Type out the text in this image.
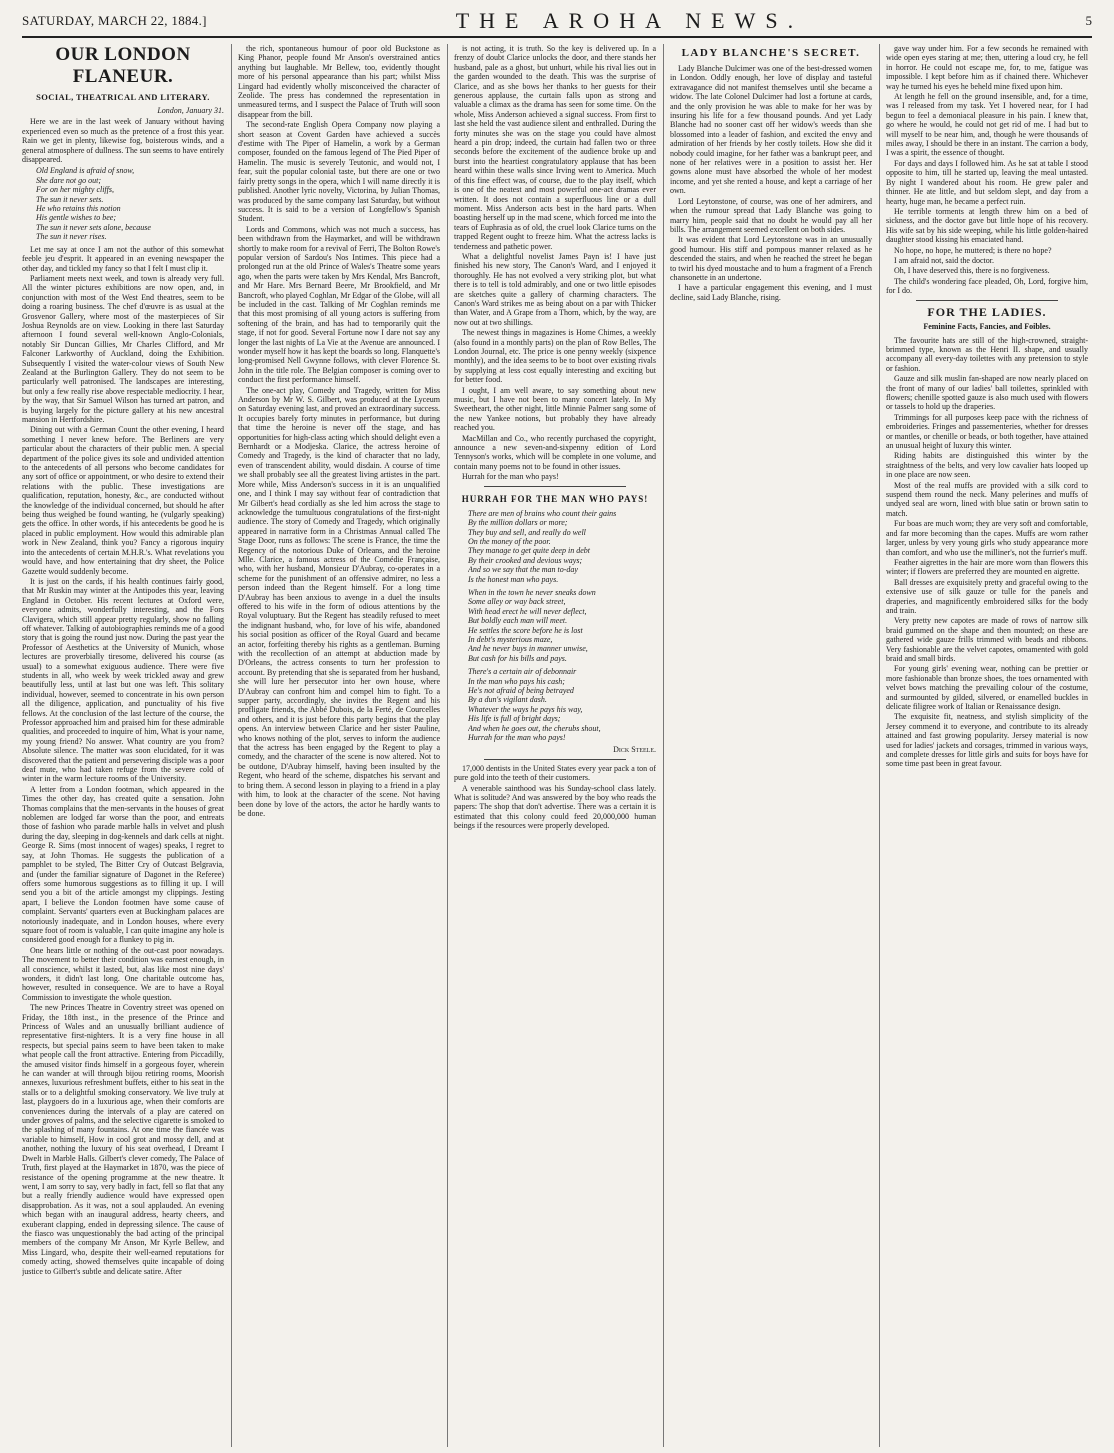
SATURDAY, MARCH 22, 1884.]	THE AROHA NEWS.	5
OUR LONDON FLANEUR.
SOCIAL, THEATRICAL AND LITERARY.
London, January 31.

Here we are in the last week of January without having experienced even so much as the pretence of a frost this year. Rain we get in plenty, likewise fog, boisterous winds, and a general atmosphere of dullness. The sun seems to have entirely disappeared.

Old England is afraid of snow,
She dare not go out;
For on her mighty cliffs,
The sun it never sets.
He who retains this notion
His gentle wishes to bee;
The sun it never sets alone, because
The sun it never rises.

Let me say at once I am not the author of this somewhat feeble jeu d'esprit. It appeared in an evening newspaper the other day, and tickled my fancy so that I felt I must clip it.

Parliament meets next week, and town is already very full. All the winter pictures exhibitions are now open, and, in conjunction with most of the West End theatres, seem to be doing a roaring business. The chef d'œuvre is as usual at the Grosvenor Gallery, where most of the masterpieces of Sir Joshua Reynolds are on view. Looking in there last Saturday afternoon I found several well-known Anglo-Colonials, notably Sir Duncan Gillies, Mr Charles Clifford, and Mr Falconer Larkworthy of Auckland, doing the Exhibition. Subsequently I visited the water-colour views of South New Zealand at the Burlington Gallery. They do not seem to be particularly well patronised. The landscapes are interesting, but only a few really rise above respectable mediocrity. I hear, by the way, that Sir Samuel Wilson has turned art patron, and is buying largely for the picture gallery at his new ancestral mansion in Hertfordshire.

Dining out with a German Count the other evening, I heard something I never knew before. The Berliners are very particular about the characters of their public men. A special department of the police gives its sole and undivided attention to the antecedents of all persons who become candidates for any sort of office or appointment, or who desire to extend their relations with the public. These investigations are qualification, reputation, honesty, &c., are conducted without the knowledge of the individual concerned, but should he after being thus weighed be found wanting, he (vulgarly speaking) gets the office. In other words, if his antecedents be good he is placed in public employment. How would this admirable plan work in New Zealand, think you? Fancy a rigorous inquiry into the antecedents of certain M.H.R.'s. What revelations you would have, and how entertaining that dry sheet, the Police Gazette would suddenly become.

It is just on the cards, if his health continues fairly good, that Mr Ruskin may winter at the Antipodes this year, leaving England in October. His recent lectures at Oxford were, everyone admits, wonderfully interesting, and the Fors Clavigera, which still appear pretty regularly, show no falling off whatever. Talking of autobiographies reminds me of a good story that is going the round just now. During the past year the Professor of Aesthetics at the University of Munich, whose lectures are proverbially tiresome, delivered his course (as usual) to a somewhat exiguous audience. There were five students in all, who week by week trickled away and grew beautifully less, until at last but one was left. This solitary individual, however, seemed to concentrate in his own person all the diligence, application, and punctuality of his five fellows. At the conclusion of the last lecture of the course, the Professor approached him and praised him for these admirable qualities, and proceeded to inquire of him, What is your name, my young friend? No answer. What country are you from? Absolute silence. The matter was soon elucidated, for it was discovered that the patient and persevering disciple was a poor deaf mute, who had taken refuge from the severe cold of winter in the warm lecture rooms of the University.

A letter from a London footman, which appeared in the Times the other day, has created quite a sensation. John Thomas complains that the men-servants in the houses of great noblemen are lodged far worse than the poor, and entreats those of fashion who parade marble halls in velvet and plush during the day, sleeping in dog-kennels and dark cells at night. George R. Sims (most innocent of wages) speaks, I regret to say, at John Thomas. He suggests the publication of a pamphlet to be styled, The Bitter Cry of Outcast Belgravia, and (under the familiar signature of Dagonet in the Referee) offers some humorous suggestions as to filling it up. I will send you a bit of the article amongst my clippings. Jesting apart, I believe the London footmen have some cause of complaint. Servants' quarters even at Buckingham palaces are notoriously inadequate, and in London houses, where every square foot of room is valuable, I can quite imagine any hole is considered good enough for a flunkey to pig in.

One hears little or nothing of the out-cast poor nowadays. The movement to better their condition was earnest enough, in all conscience, whilst it lasted, but, alas like most nine days' wonders, it didn't last long. One charitable outcome has, however, resulted in consequence. We are to have a Royal Commission to investigate the whole question.

The new Princes Theatre in Coventry street was opened on Friday, the 18th inst., in the presence of the Prince and Princess of Wales and an unusually brilliant audience of representative first-nighters. It is a very fine house in all respects, but special pains seem to have been taken to make what people call the front attractive. Entering from Piccadilly, the amused visitor finds himself in a gorgeous foyer, wherein he can wander at will through bijou retiring rooms, Moorish annexes, luxurious refreshment buffets, either to his seat in the stalls or to a delightful smoking conservatory. We live truly at last, playgoers do in a luxurious age, when their comforts are conveniences during the intervals of a play are catered on under groves of palms, and the selective cigarette is smoked to the splashing of many fountains. At one time the fiancée was variable to himself, How in cool grot and mossy dell, and at another, nothing the luxury of his seat overhead, I Dreamt I Dwelt in Marble Halls. Gilbert's clever comedy, The Palace of Truth, first played at the Haymarket in 1870, was the piece of resistance of the opening programme at the new theatre. It went, I am sorry to say, very badly in fact, fell so flat that any but a really friendly audience would have expressed open disapprobation. As it was, not a soul applauded. An evening which began with an inaugural address, hearty cheers, and exuberant clapping, ended in depressing silence. The cause of the fiasco was unquestionably the bad acting of the principal members of the company Mr Anson, Mr Kyrle Bellew, and Miss Lingard, who, despite their well-earned reputations for comedy acting, showed themselves quite incapable of doing justice to Gilbert's subtle and delicate satire. After

the rich, spontaneous humour of poor old Buckstone as King Phanor, people found Mr Anson's overstrained antics anything but laughable. Mr Bellew, too, evidently thought more of his personal appearance than his part; whilst Miss Lingard had evidently wholly misconceived the character of Zeolide. The press has condemned the representation in unmeasured terms, and I suspect the Palace of Truth will soon disappear from the bill.

The second-rate English Opera Company now playing a short season at Covent Garden have achieved a succès d'estime with The Piper of Hamelin, a work by a German composer, founded on the famous legend of The Pied Piper of Hamelin. The music is severely Teutonic, and would not, I fear, suit the popular colonial taste, but there are one or two fairly pretty songs in the opera, which I will name directly it is published. Another lyric novelty, Victorina, by Julian Thomas, was produced by the same company last Saturday, but without success. It is said to be a version of Longfellow's Spanish Student.

Lords and Commons, which was not much a success, has been withdrawn from the Haymarket, and will be withdrawn shortly to make room for a revival of Ferri, The Bolton Rowe's popular version of Sardou's Nos Intimes. This piece had a prolonged run at the old Prince of Wales's Theatre some years ago, when the parts were taken by Mrs Kendal, Mrs Bancroft, and Mr Hare. Mrs Bernard Beere, Mr Brookfield, and Mr Bancroft, who played Coghlan, Mr Edgar of the Globe, will all be included in the cast. Talking of Mr Coghlan reminds me that this most promising of all young actors is suffering from softening of the brain, and has had to temporarily quit the stage, if not for good. Several Fortune now I dare not say any longer the last nights of La Vie at the Avenue are announced. I wonder myself how it has kept the boards so long. Flanquette's long-promised Nell Gwynne follows, with clever Florence St. John in the title role. The Belgian composer is coming over to conduct the first performance himself.

The one-act play, Comedy and Tragedy, written for Miss Anderson by Mr W. S. Gilbert, was produced at the Lyceum on Saturday evening last, and proved an extraordinary success. It occupies barely forty minutes in performance, but during that time the heroine is never off the stage, and has opportunities for high-class acting which should delight even a Bernhardt or a Modjeska. Clarice, the actress heroine of Comedy and Tragedy, is the kind of character that no lady, even of transcendent ability, would disdain. A course of time we shall probably see all the greatest living artistes in the part. More while, Miss Anderson's success in it is an unqualified one, and I think I may say without fear of contradiction that Mr Gilbert's head cordially as she led him across the stage to acknowledge the tumultuous congratulations of the first-night audience. The story of Comedy and Tragedy, which originally appeared in narrative form in a Christmas Annual called The Stage Door, runs as follows: The scene is France, the time the Regency of the notorious Duke of Orleans, and the heroine Mlle. Clarice, a famous actress of the Comédie Française, who, with her husband, Monsieur D'Aubray, co-operates in a scheme for the punishment of an offensive admirer, no less a person indeed than the Regent himself. For a long time D'Aubray has been anxious to avenge in a duel the insults offered to his wife in the form of odious attentions by the Royal voluptuary. But the Regent has steadily refused to meet the indignant husband, who, for love of his wife, abandoned his social position as officer of the Royal Guard and became an actor, forfeiting thereby his rights as a gentleman. Burning with the recollection of an attempt at abduction made by D'Orleans, the actress consents to turn her profession to account. By pretending that she is separated from her husband, she will lure her persecutor into her own house, where D'Aubray can confront him and compel him to fight. To a supper party, accordingly, she invites the Regent and his profligate friends, the Abbé Dubois, de la Ferté, de Courcelles and others, and it is just before this party begins that the play opens. An interview between Clarice and her sister Pauline, who knows nothing of the plot, serves to inform the audience that the actress has been engaged by the Regent to play a comedy, and the character of the scene is now altered. Not to be outdone, D'Aubray himself, having been insulted by the Regent, who heard of the scheme, dispatches his servant and to bring them. A second lesson in playing to a friend in a play with him, to look at the character of the scene. Not having been done by love of the actors, the actor he hardly wants to be done.

is not acting, it is truth. So the key is delivered up. In a frenzy of doubt Clarice unlocks the door, and there stands her husband, pale as a ghost, but unhurt, while his rival lies out in the garden wounded to the death. This was the surprise of Clarice, and as she bows her thanks to her guests for their generous applause, the curtain falls upon as strong and valuable a climax as the drama has seen for some time. On the whole, Miss Anderson achieved a signal success. From first to last she held the vast audience silent and enthralled. During the forty minutes she was on the stage you could have almost heard a pin drop; indeed, the curtain had fallen two or three seconds before the excitement of the audience broke up and burst into the heartiest congratulatory applause that has been heard within these walls since Irving went to America. Much of this fine effect was, of course, due to the play itself, which is one of the neatest and most powerful one-act dramas ever written. It does not contain a superfluous line or a dull moment. Miss Anderson acts best in the hard parts. When boasting herself up in the mad scene, which forced me into the tears of Euphrasia as of old, the cruel look Clarice turns on the trapped Regent ought to freeze him. What the actress lacks is tenderness and pathetic power.

What a delightful novelist James Payn is! I have just finished his new story, The Canon's Ward, and I enjoyed it thoroughly. He has not evolved a very striking plot, but what there is to tell is told admirably, and one or two little episodes are sketches quite a gallery of charming characters. The Canon's Ward strikes me as being about on a par with Thicker than Water, and A Grape from a Thorn, which, by the way, are now out at two shillings.

The newest things in magazines is Home Chimes, a weekly (also found in a monthly parts) on the plan of Row Belles, The London Journal, etc. The price is one penny weekly (sixpence monthly), and the idea seems to be to boot over existing rivals by supplying at less cost equally interesting and exciting but for better food.

I ought, I am well aware, to say something about new music, but I have not been to many concert lately. In My Sweetheart, the other night, little Minnie Palmer sang some of the new Yankee notions, but probably they have already reached you.

MacMillan and Co., who recently purchased the copyright, announce a new seven-and-sixpenny edition of Lord Tennyson's works, which will be complete in one volume, and contain many poems not to be found in other issues.

Hurrah for the man who pays!

HURRAH FOR THE MAN WHO PAYS!
There are men of brains who count their gains
By the million dollars or more;
They buy and sell, and really do well
On the money of the poor.
They manage to get quite deep in debt
By their crooked and devious ways;
And so we say that the man to-day
Is the honest man who pays.
When in the town he never sneaks down
Some alley or way back street,
With head erect he will never deflect,
But boldly each man will meet.
He settles the score before he is lost
In debt's mysterious maze,
And he never buys in manner unwise,
But cash for his bills and pays.
There's a certain air of debonnair
In the man who pays his cash;
He's not afraid of being betrayed
By a dun's vigilant dash.
Whatever the ways he pays his way,
His life is full of bright days;
And when he goes out, the cherubs shout,
Hurrah for the man who pays!
Dick Steele.

17,000 dentists in the United States every year pack a ton of pure gold into the teeth of their customers.

A venerable sainthood was his Sunday-school class lately. What is solitude? And was answered by the boy who reads the papers: The shop that don't advertise. There was a certain it is estimated that this colony could feed 20,000,000 human beings if the resources were properly developed.

LADY BLANCHE'S SECRET.

Lady Blanche Dulcimer was one of the best-dressed women in London. Oddly enough, her love of display and tasteful extravagance did not manifest themselves until she became a widow. The late Colonel Dulcimer had lost a fortune at cards, and the only provision he was able to make for her was by insuring his life for a few thousand pounds. And yet Lady Blanche had no sooner cast off her widow's weeds than she blossomed into a leader of fashion, and excited the envy and admiration of her friends by her costly toilets. How she did it nobody could imagine, for her father was a bankrupt peer, and none of her relatives were in a position to assist her. Her gowns alone must have absorbed the whole of her modest income, and yet she rented a house, and kept a carriage of her own.

Lord Leytonstone, of course, was one of her admirers, and when the rumour spread that Lady Blanche was going to marry him, people said that no doubt he would pay all her bills. The arrangement seemed excellent on both sides.

It was evident that Lord Leytonstone was in an unusually good humour. His stiff and pompous manner relaxed as he descended the stairs, and when he reached the street he began to twirl his dyed moustache and to hum a fragment of a French chansonette in an undertone.

I have a particular engagement this evening, and I must decline, said Lady Blanche, rising.

gave way under him. For a few seconds he remained with wide open eyes staring at me; then, uttering a loud cry, he fell in horror. He could not escape me, for, to me, fatigue was impossible. I kept before him as if chained there. Whichever way he turned his eyes he beheld mine fixed upon him.

At length he fell on the ground insensible, and, for a time, was I released from my task. Yet I hovered near, for I had begun to feel a demoniacal pleasure in his pain. I knew that, go where he would, he could not get rid of me. I had but to will myself to be near him, and, though he were thousands of miles away, I should be there in an instant. The carrion a body, I was a spirit, the essence of thought.

For days and days I followed him. As he sat at table I stood opposite to him, till he started up, leaving the meal untasted. By night I wandered about his room. He grew paler and thinner. He ate little, and but seldom slept, and day from a hearty, huge man, he became a perfect ruin.

He terrible torments at length threw him on a bed of sickness, and the doctor gave but little hope of his recovery. His wife sat by his side weeping, while his little golden-haired daughter stood kissing his emaciated hand.

No hope, no hope, he muttered; is there no hope?

I am afraid not, said the doctor.

Oh, I have deserved this, there is no forgiveness.

The child's wondering face pleaded, Oh, Lord, forgive him, for I do.

FOR THE LADIES.
Feminine Facts, Fancies, and Foibles.

The favourite hats are still of the high-crowned, straight-brimmed type, known as the Henri II. shape, and usually accompany all every-day toilettes with any pretension to style or fashion.

Gauze and silk muslin fan-shaped are now nearly placed on the front of many of our ladies' ball toilettes, sprinkled with flowers; chenille spotted gauze is also much used with flowers or tassels to hold up the draperies.

Trimmings for all purposes keep pace with the richness of embroideries. Fringes and passementeries, whether for dresses or mantles, or chenille or beads, or both together, have attained an unusual height of luxury this winter.

Riding habits are distinguished this winter by the straightness of the belts, and very low cavalier hats looped up in one place are now seen.

Most of the real muffs are provided with a silk cord to suspend them round the neck. Many pelerines and muffs of undyed seal are worn, lined with blue satin or brown satin to match.

Fur boas are much worn; they are very soft and comfortable, and far more becoming than the capes. Muffs are worn rather larger, unless by very young girls who study appearance more than comfort, and who use the milliner's, not the furrier's muff.

Feather aigrettes in the hair are more worn than flowers this winter; if flowers are preferred they are mounted en aigrette.

Ball dresses are exquisitely pretty and graceful owing to the extensive use of silk gauze or tulle for the panels and draperies, and magnificently embroidered silks for the body and train.

Very pretty new capotes are made of rows of narrow silk braid gummed on the shape and then mounted; on these are gathered wide gauze frills trimmed with beads and ribbons. Very fashionable are the velvet capotes, ornamented with gold braid and small birds.

For young girls' evening wear, nothing can be prettier or more fashionable than bronze shoes, the toes ornamented with velvet bows matching the prevailing colour of the costume, and surmounted by gilded, silvered, or enamelled buckles in delicate filigree work of Italian or Renaissance design.

The exquisite fit, neatness, and stylish simplicity of the Jersey commend it to everyone, and contribute to its already attained and fast growing popularity. Jersey material is now used for ladies' jackets and corsages, trimmed in various ways, and complete dresses for little girls and suits for boys have for some time past been in great favour.
